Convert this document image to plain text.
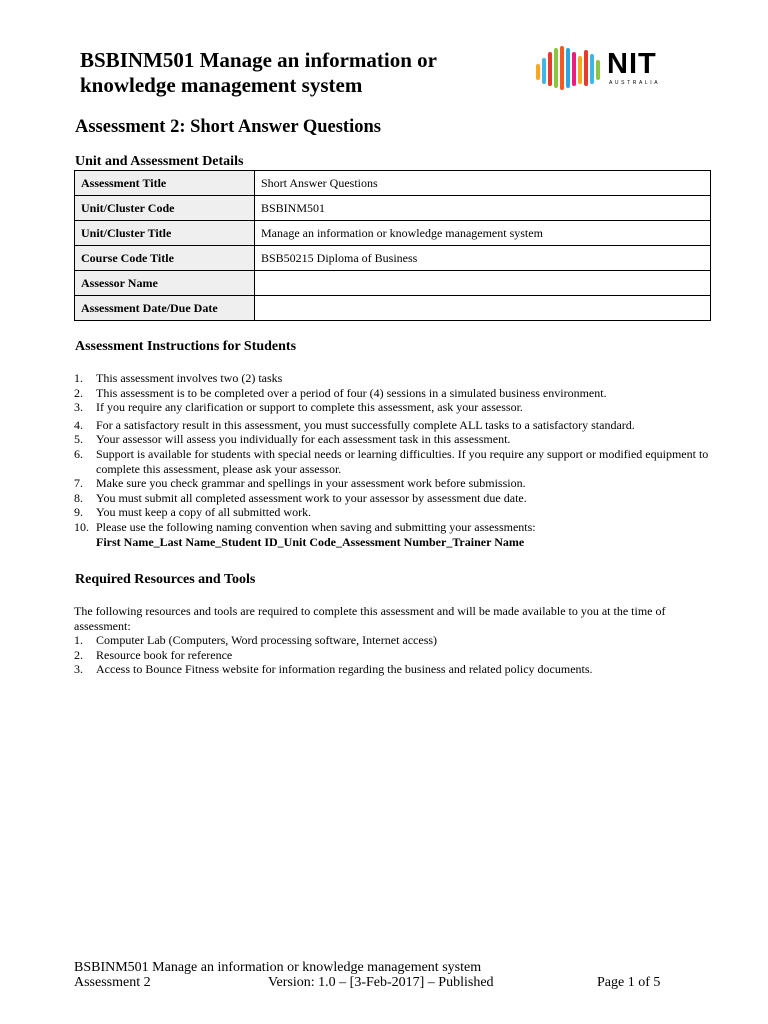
BSBINM501 Manage an information or knowledge management system
NIT
AUSTRALIA
Assessment 2: Short Answer Questions
Unit and Assessment Details
Assessment Title	Short Answer Questions
Unit/Cluster Code	BSBINM501
Unit/Cluster Title	Manage an information or knowledge management system
Course Code Title	BSB50215 Diploma of Business
Assessor Name	
Assessment Date/Due Date	
Assessment Instructions for Students
1. This assessment involves two (2) tasks
2. This assessment is to be completed over a period of four (4) sessions in a simulated business environment.
3. If you require any clarification or support to complete this assessment, ask your assessor.
4. For a satisfactory result in this assessment, you must successfully complete ALL tasks to a satisfactory standard.
5. Your assessor will assess you individually for each assessment task in this assessment.
6. Support is available for students with special needs or learning difficulties. If you require any support or modified equipment to complete this assessment, please ask your assessor.
7. Make sure you check grammar and spellings in your assessment work before submission.
8. You must submit all completed assessment work to your assessor by assessment due date.
9. You must keep a copy of all submitted work.
10. Please use the following naming convention when saving and submitting your assessments:
First Name_Last Name_Student ID_Unit Code_Assessment Number_Trainer Name
Required Resources and Tools
The following resources and tools are required to complete this assessment and will be made available to you at the time of assessment:
1. Computer Lab (Computers, Word processing software, Internet access)
2. Resource book for reference
3. Access to Bounce Fitness website for information regarding the business and related policy documents.
BSBINM501 Manage an information or knowledge management system
Assessment 2	Version: 1.0 – [3-Feb-2017] – Published	Page 1 of 5
